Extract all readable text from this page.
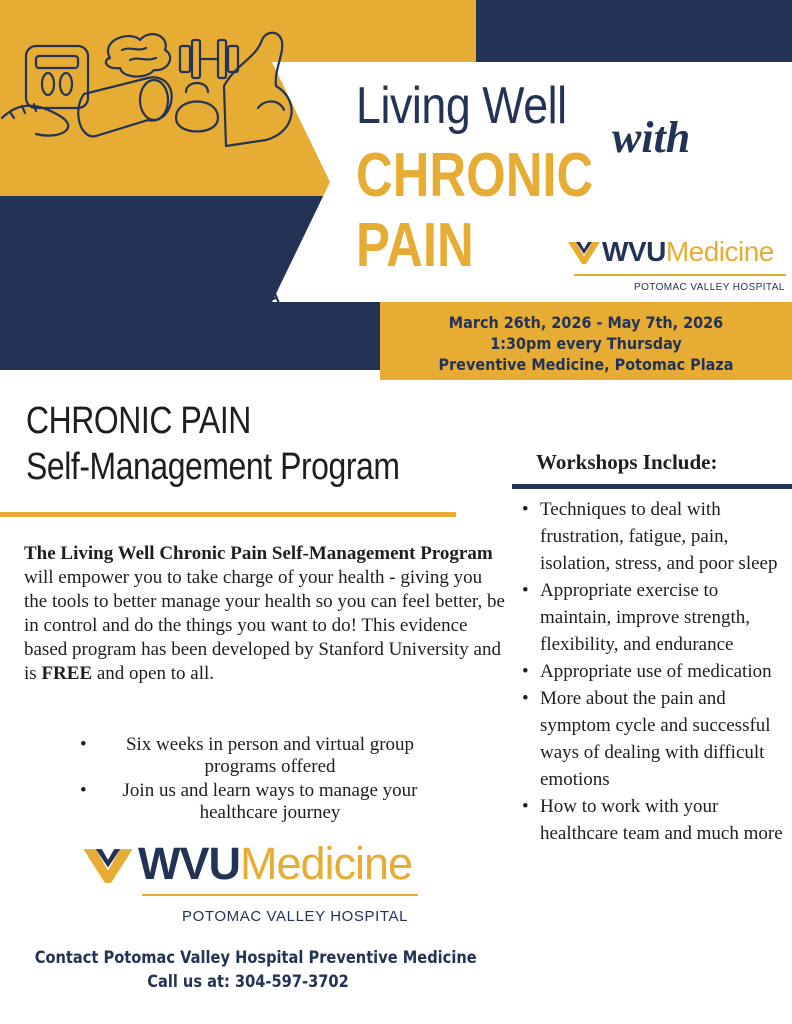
Living Well
with
CHRONIC
PAIN	WVUMedicine
POTOMAC VALLEY HOSPITAL
March 26th, 2026 - May 7th, 2026
1:30pm every Thursday
Preventive Medicine, Potomac Plaza
CHRONIC PAIN
Self-Management Program
The Living Well Chronic Pain Self-Management Program will empower you to take charge of your health - giving you the tools to better manage your health so you can feel better, be in control and do the things you want to do! This evidence based program has been developed by Stanford University and is FREE and open to all.
• Six weeks in person and virtual group programs offered
• Join us and learn ways to manage your healthcare journey
WVUMedicine
POTOMAC VALLEY HOSPITAL
Contact Potomac Valley Hospital Preventive Medicine
Call us at: 304-597-3702
Workshops Include:
• Techniques to deal with frustration, fatigue, pain, isolation, stress, and poor sleep
• Appropriate exercise to maintain, improve strength, flexibility, and endurance
• Appropriate use of medication
• More about the pain and symptom cycle and successful ways of dealing with difficult emotions
• How to work with your healthcare team and much more
